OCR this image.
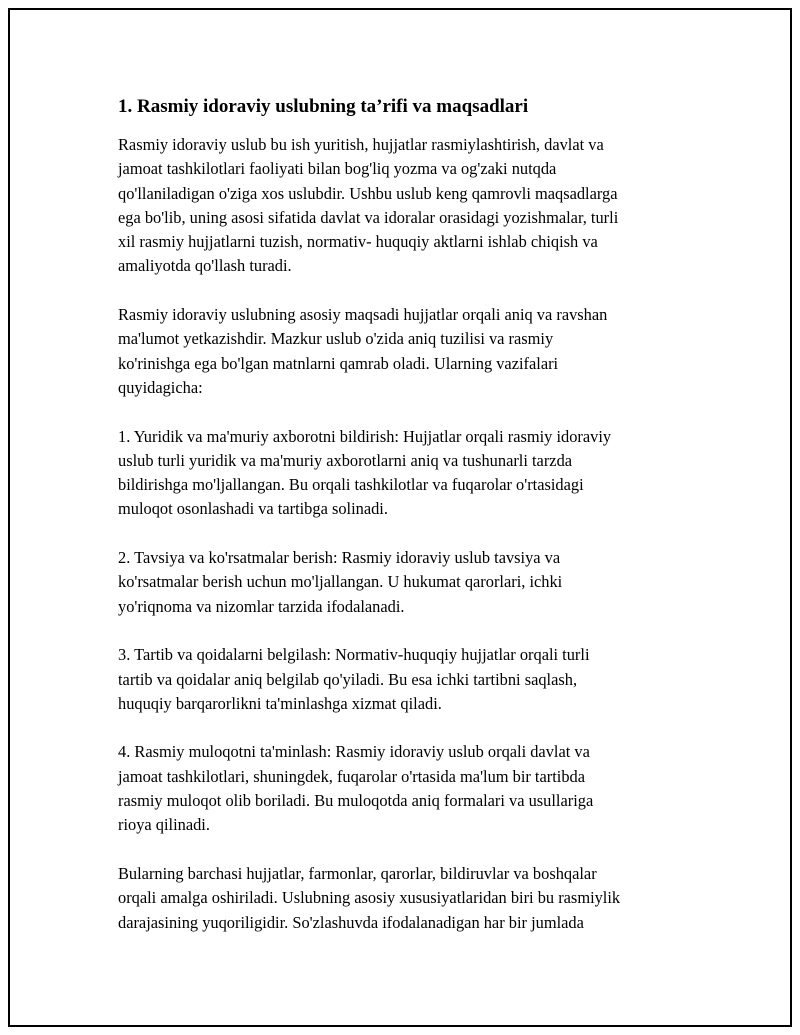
1. Rasmiy idoraviy uslubning ta’rifi va maqsadlari

Rasmiy idoraviy uslub bu ish yuritish, hujjatlar rasmiylashtirish, davlat va
jamoat tashkilotlari faoliyati bilan bog'liq yozma va og'zaki nutqda
qo'llaniladigan o'ziga xos uslubdir. Ushbu uslub keng qamrovli maqsadlarga
ega bo'lib, uning asosi sifatida davlat va idoralar orasidagi yozishmalar, turli
xil rasmiy hujjatlarni tuzish, normativ- huquqiy aktlarni ishlab chiqish va
amaliyotda qo'llash turadi.

Rasmiy idoraviy uslubning asosiy maqsadi hujjatlar orqali aniq va ravshan
ma'lumot yetkazishdir. Mazkur uslub o'zida aniq tuzilisi va rasmiy
ko'rinishga ega bo'lgan matnlarni qamrab oladi. Ularning vazifalari
quyidagicha:

1. Yuridik va ma'muriy axborotni bildirish: Hujjatlar orqali rasmiy idoraviy
uslub turli yuridik va ma'muriy axborotlarni aniq va tushunarli tarzda
bildirishga mo'ljallangan. Bu orqali tashkilotlar va fuqarolar o'rtasidagi
muloqot osonlashadi va tartibga solinadi.

2. Tavsiya va ko'rsatmalar berish: Rasmiy idoraviy uslub tavsiya va
ko'rsatmalar berish uchun mo'ljallangan. U hukumat qarorlari, ichki
yo'riqnoma va nizomlar tarzida ifodalanadi.

3. Tartib va qoidalarni belgilash: Normativ-huquqiy hujjatlar orqali turli
tartib va qoidalar aniq belgilab qo'yiladi. Bu esa ichki tartibni saqlash,
huquqiy barqarorlikni ta'minlashga xizmat qiladi.

4. Rasmiy muloqotni ta'minlash: Rasmiy idoraviy uslub orqali davlat va
jamoat tashkilotlari, shuningdek, fuqarolar o'rtasida ma'lum bir tartibda
rasmiy muloqot olib boriladi. Bu muloqotda aniq formalari va usullariga
rioya qilinadi.

Bularning barchasi hujjatlar, farmonlar, qarorlar, bildiruvlar va boshqalar
orqali amalga oshiriladi. Uslubning asosiy xususiyatlaridan biri bu rasmiylik
darajasining yuqoriligidir. So'zlashuvda ifodalanadigan har bir jumlada
